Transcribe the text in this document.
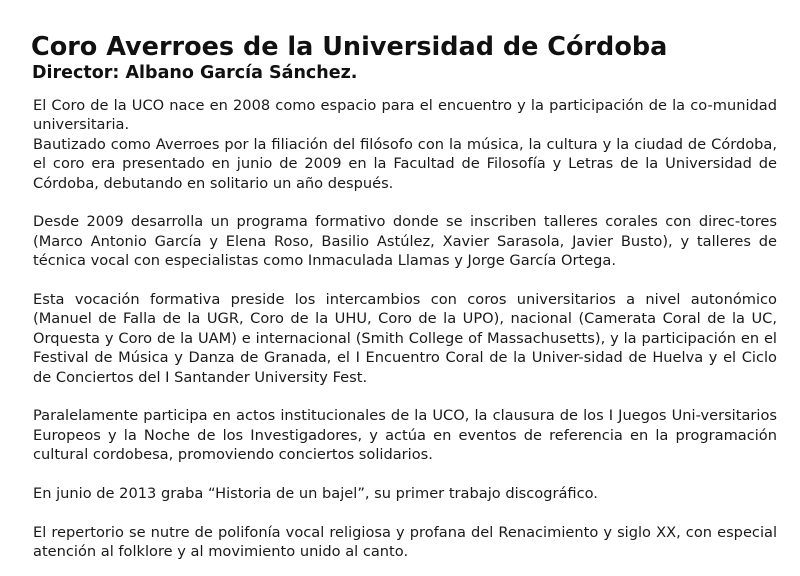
Coro Averroes de la Universidad de Córdoba
Director: Albano García Sánchez.

El Coro de la UCO nace en 2008 como espacio para el encuentro y la participación de la co-munidad universitaria.
Bautizado como Averroes por la filiación del filósofo con la música, la cultura y la ciudad de Córdoba, el coro era presentado en junio de 2009 en la Facultad de Filosofía y Letras de la Universidad de Córdoba, debutando en solitario un año después.

Desde 2009 desarrolla un programa formativo donde se inscriben talleres corales con direc-tores (Marco Antonio García y Elena Roso, Basilio Astúlez, Xavier Sarasola, Javier Busto), y talleres de técnica vocal con especialistas como Inmaculada Llamas y Jorge García Ortega.

Esta vocación formativa preside los intercambios con coros universitarios a nivel autonómico (Manuel de Falla de la UGR, Coro de la UHU, Coro de la UPO), nacional (Camerata Coral de la UC, Orquesta y Coro de la UAM) e internacional (Smith College of Massachusetts), y la participación en el Festival de Música y Danza de Granada, el I Encuentro Coral de la Univer-sidad de Huelva y el Ciclo de Conciertos del I Santander University Fest.

Paralelamente participa en actos institucionales de la UCO, la clausura de los I Juegos Uni-versitarios Europeos y la Noche de los Investigadores, y actúa en eventos de referencia en la programación cultural cordobesa, promoviendo conciertos solidarios.

En junio de 2013 graba “Historia de un bajel”, su primer trabajo discográfico.

El repertorio se nutre de polifonía vocal religiosa y profana del Renacimiento y siglo XX, con especial atención al folklore y al movimiento unido al canto.
